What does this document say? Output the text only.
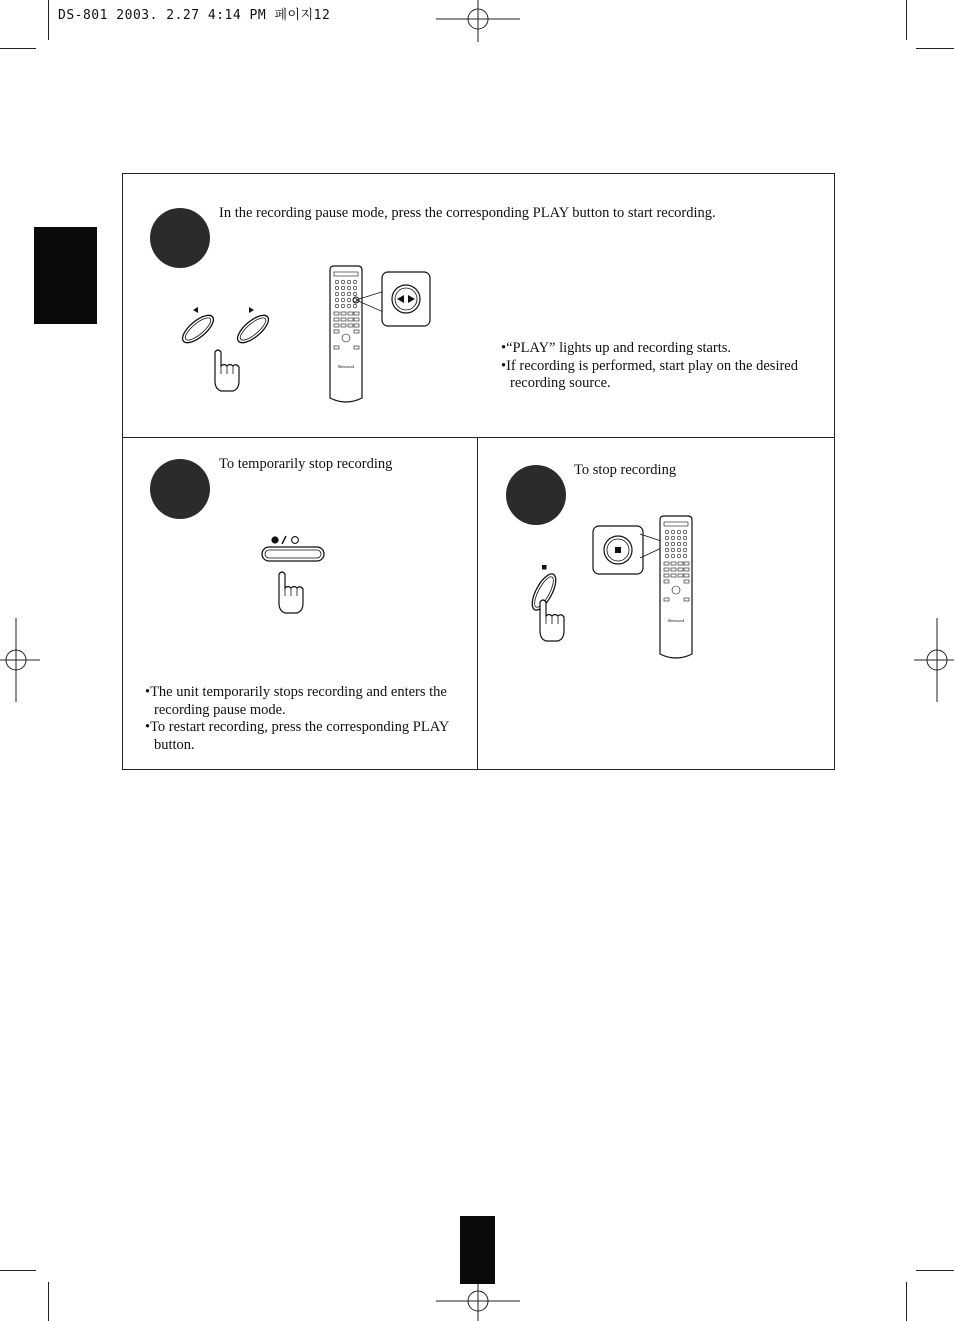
DS-801 2003. 2.27 4:14 PM 페이지12
In the recording pause mode, press the corresponding PLAY button to start recording.
Sherwood
• “PLAY” lights up and recording starts.
• If recording is performed, start play on the desired recording source.
To temporarily stop recording
• The unit temporarily stops recording and enters the recording pause mode.
• To restart recording, press the corresponding PLAY button.
To stop recording
Sherwood
